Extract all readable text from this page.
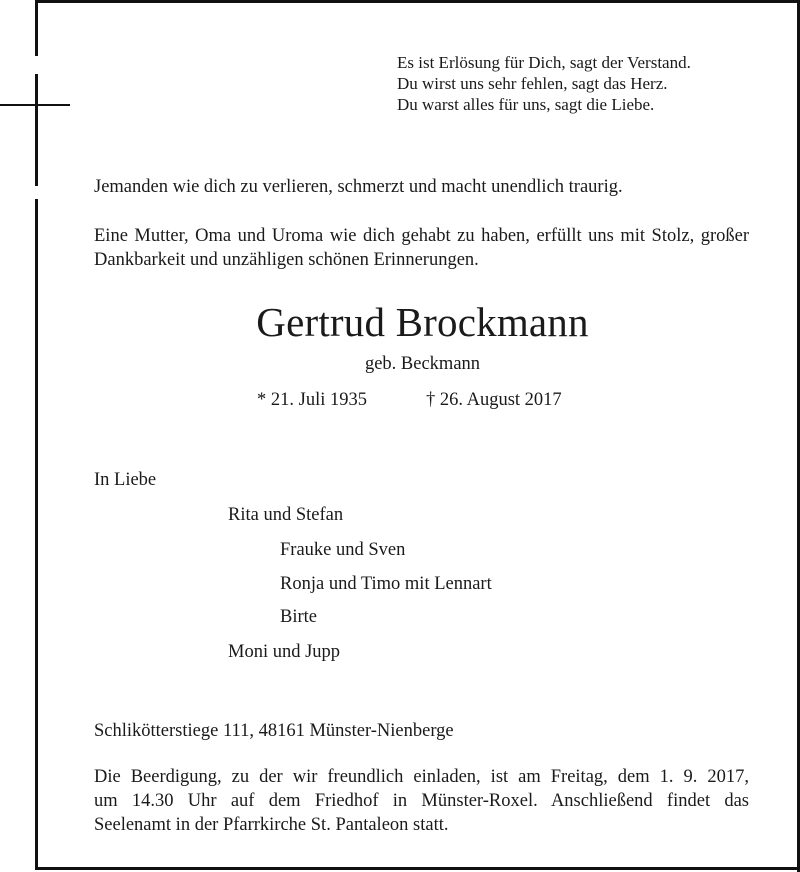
Es ist Erlösung für Dich, sagt der Verstand.
Du wirst uns sehr fehlen, sagt das Herz.
Du warst alles für uns, sagt die Liebe.
Jemanden wie dich zu verlieren, schmerzt und macht unendlich traurig.
Eine Mutter, Oma und Uroma wie dich gehabt zu haben, erfüllt uns mit Stolz, großer Dankbarkeit und unzähligen schönen Erinnerungen.
Gertrud Brockmann
geb. Beckmann
* 21. Juli 1935	† 26. August 2017
In Liebe
Rita und Stefan
Frauke und Sven
Ronja und Timo mit Lennart
Birte
Moni und Jupp
Schlikötterstiege 111, 48161 Münster-Nienberge
Die Beerdigung, zu der wir freundlich einladen, ist am Freitag, dem 1. 9. 2017,
um 14.30 Uhr auf dem Friedhof in Münster-Roxel. Anschließend findet das
Seelenamt in der Pfarrkirche St. Pantaleon statt.
